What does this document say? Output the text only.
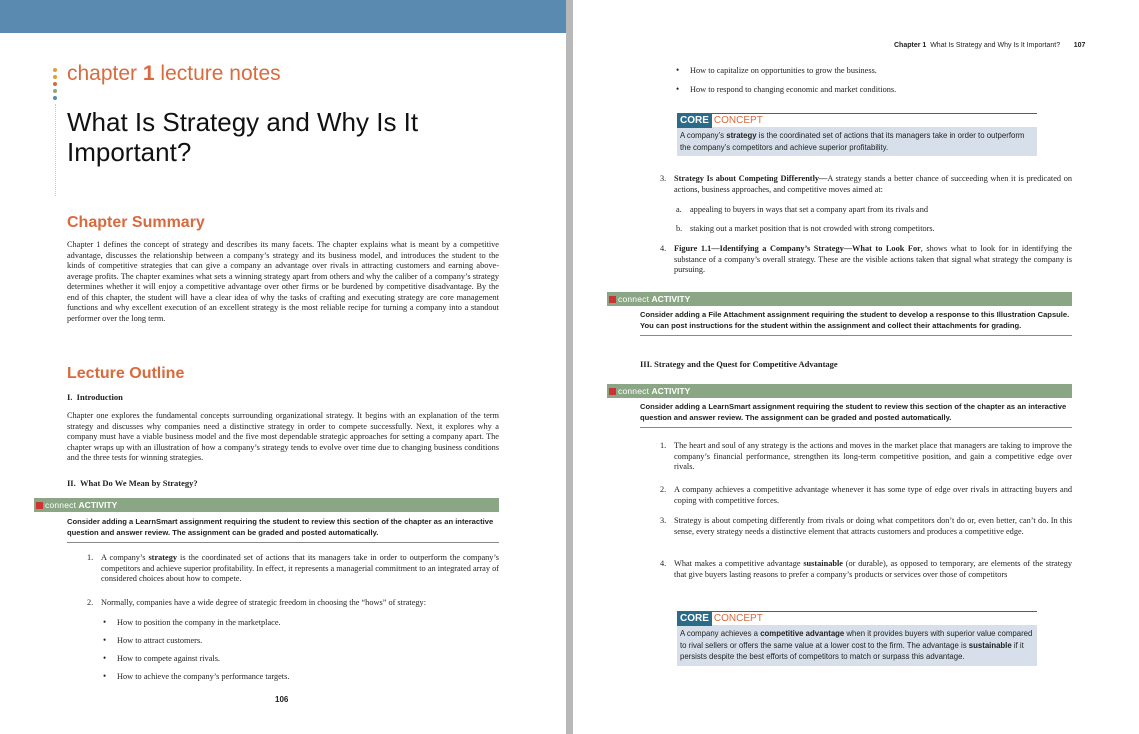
chapter 1 lecture notes
What Is Strategy and Why Is It Important?
Chapter Summary
Chapter 1 defines the concept of strategy and describes its many facets. The chapter explains what is meant by a competitive advantage, discusses the relationship between a company’s strategy and its business model, and introduces the student to the kinds of competitive strategies that can give a company an advantage over rivals in attracting customers and earning above-average profits. The chapter examines what sets a winning strategy apart from others and why the caliber of a company’s strategy determines whether it will enjoy a competitive advantage over other firms or be burdened by competitive disadvantage. By the end of this chapter, the student will have a clear idea of why the tasks of crafting and executing strategy are core management functions and why excellent execution of an excellent strategy is the most reliable recipe for turning a company into a standout performer over the long term.
Lecture Outline
I.  Introduction
Chapter one explores the fundamental concepts surrounding organizational strategy. It begins with an explanation of the term strategy and discusses why companies need a distinctive strategy in order to compete successfully. Next, it explores why a company must have a viable business model and the five most dependable strategic approaches for setting a company apart. The chapter wraps up with an illustration of how a company’s strategy tends to evolve over time due to changing business conditions and the three tests for winning strategies.
II.  What Do We Mean by Strategy?
connect ACTIVITY
Consider adding a LearnSmart assignment requiring the student to review this section of the chapter as an interactive question and answer review. The assignment can be graded and posted automatically.
1. A company’s strategy is the coordinated set of actions that its managers take in order to outperform the company’s competitors and achieve superior profitability. In effect, it represents a managerial commitment to an integrated array of considered choices about how to compete.
2. Normally, companies have a wide degree of strategic freedom in choosing the “hows” of strategy:
• How to position the company in the marketplace.
• How to attract customers.
• How to compete against rivals.
• How to achieve the company’s performance targets.
106
Chapter 1 What Is Strategy and Why Is It Important? 107
• How to capitalize on opportunities to grow the business.
• How to respond to changing economic and market conditions.
CORE CONCEPT
A company’s strategy is the coordinated set of actions that its managers take in order to outperform the company’s competitors and achieve superior profitability.
3. Strategy Is about Competing Differently—A strategy stands a better chance of succeeding when it is predicated on actions, business approaches, and competitive moves aimed at:
a. appealing to buyers in ways that set a company apart from its rivals and
b. staking out a market position that is not crowded with strong competitors.
4. Figure 1.1—Identifying a Company’s Strategy—What to Look For, shows what to look for in identifying the substance of a company’s overall strategy. These are the visible actions taken that signal what strategy the company is pursuing.
connect ACTIVITY
Consider adding a File Attachment assignment requiring the student to develop a response to this Illustration Capsule. You can post instructions for the student within the assignment and collect their attachments for grading.
III. Strategy and the Quest for Competitive Advantage
connect ACTIVITY
Consider adding a LearnSmart assignment requiring the student to review this section of the chapter as an interactive question and answer review. The assignment can be graded and posted automatically.
1. The heart and soul of any strategy is the actions and moves in the market place that managers are taking to improve the company’s financial performance, strengthen its long-term competitive position, and gain a competitive edge over rivals.
2. A company achieves a competitive advantage whenever it has some type of edge over rivals in attracting buyers and coping with competitive forces.
3. Strategy is about competing differently from rivals or doing what competitors don’t do or, even better, can’t do. In this sense, every strategy needs a distinctive element that attracts customers and produces a competitive edge.
4. What makes a competitive advantage sustainable (or durable), as opposed to temporary, are elements of the strategy that give buyers lasting reasons to prefer a company’s products or services over those of competitors
CORE CONCEPT
A company achieves a competitive advantage when it provides buyers with superior value compared to rival sellers or offers the same value at a lower cost to the firm. The advantage is sustainable if it persists despite the best efforts of competitors to match or surpass this advantage.
